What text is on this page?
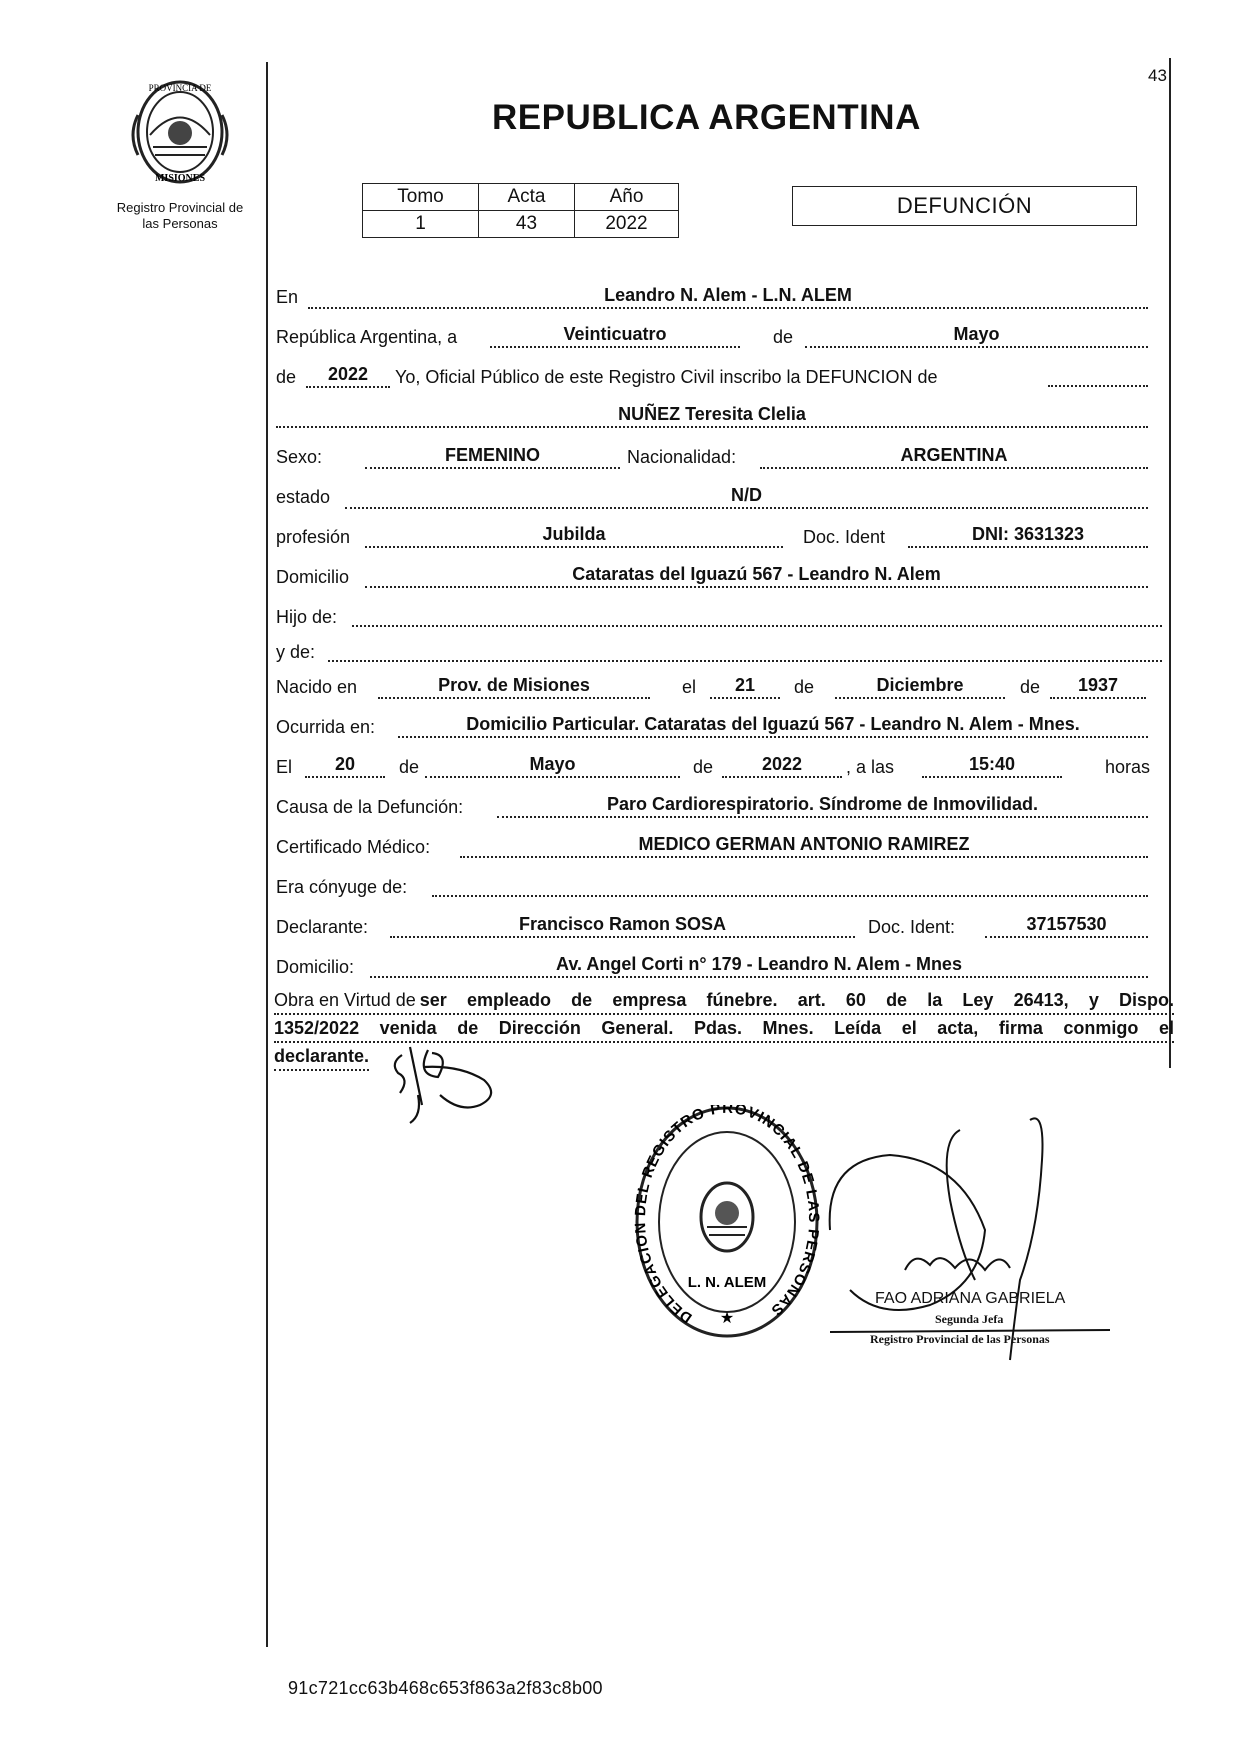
43
PROVINCIA DE
MISIONES
Registro Provincial de
las Personas
REPUBLICA ARGENTINA
Tomo	Acta	Año
1	43	2022
DEFUNCIÓN
En	Leandro N. Alem - L.N. ALEM
República Argentina, a	Veinticuatro	de	Mayo
de	2022	Yo, Oficial Público de este Registro Civil inscribo la DEFUNCION de
NUÑEZ Teresita Clelia
Sexo:	FEMENINO	Nacionalidad:	ARGENTINA
estado	N/D
profesión	Jubilda	Doc. Ident	DNI: 3631323
Domicilio	Cataratas del Iguazú 567 - Leandro N. Alem
Hijo de:
y de:
Nacido en	Prov. de Misiones	el	21	de	Diciembre	de	1937
Ocurrida en:	Domicilio Particular. Cataratas del Iguazú 567 - Leandro N. Alem - Mnes.
El	20	de	Mayo	de	2022	, a las	15:40	horas
Causa de la Defunción:	Paro Cardiorespiratorio. Síndrome de Inmovilidad.
Certificado Médico:	MEDICO GERMAN ANTONIO RAMIREZ
Era cónyuge de:
Declarante:	Francisco Ramon SOSA	Doc. Ident:	37157530
Domicilio:	Av. Angel Corti n° 179 - Leandro N. Alem - Mnes
Obra en Virtud de ser empleado de empresa fúnebre. art. 60 de la Ley 26413, y Dispo.
1352/2022 venida de Dirección General. Pdas. Mnes. Leída el acta, firma conmigo el
declarante.
DELEGACION DEL REGISTRO PROVINCIAL DE LAS PERSONAS
L. N. ALEM
★
FAO ADRIANA GABRIELA
Segunda Jefa
Registro Provincial de las Personas
91c721cc63b468c653f863a2f83c8b00
